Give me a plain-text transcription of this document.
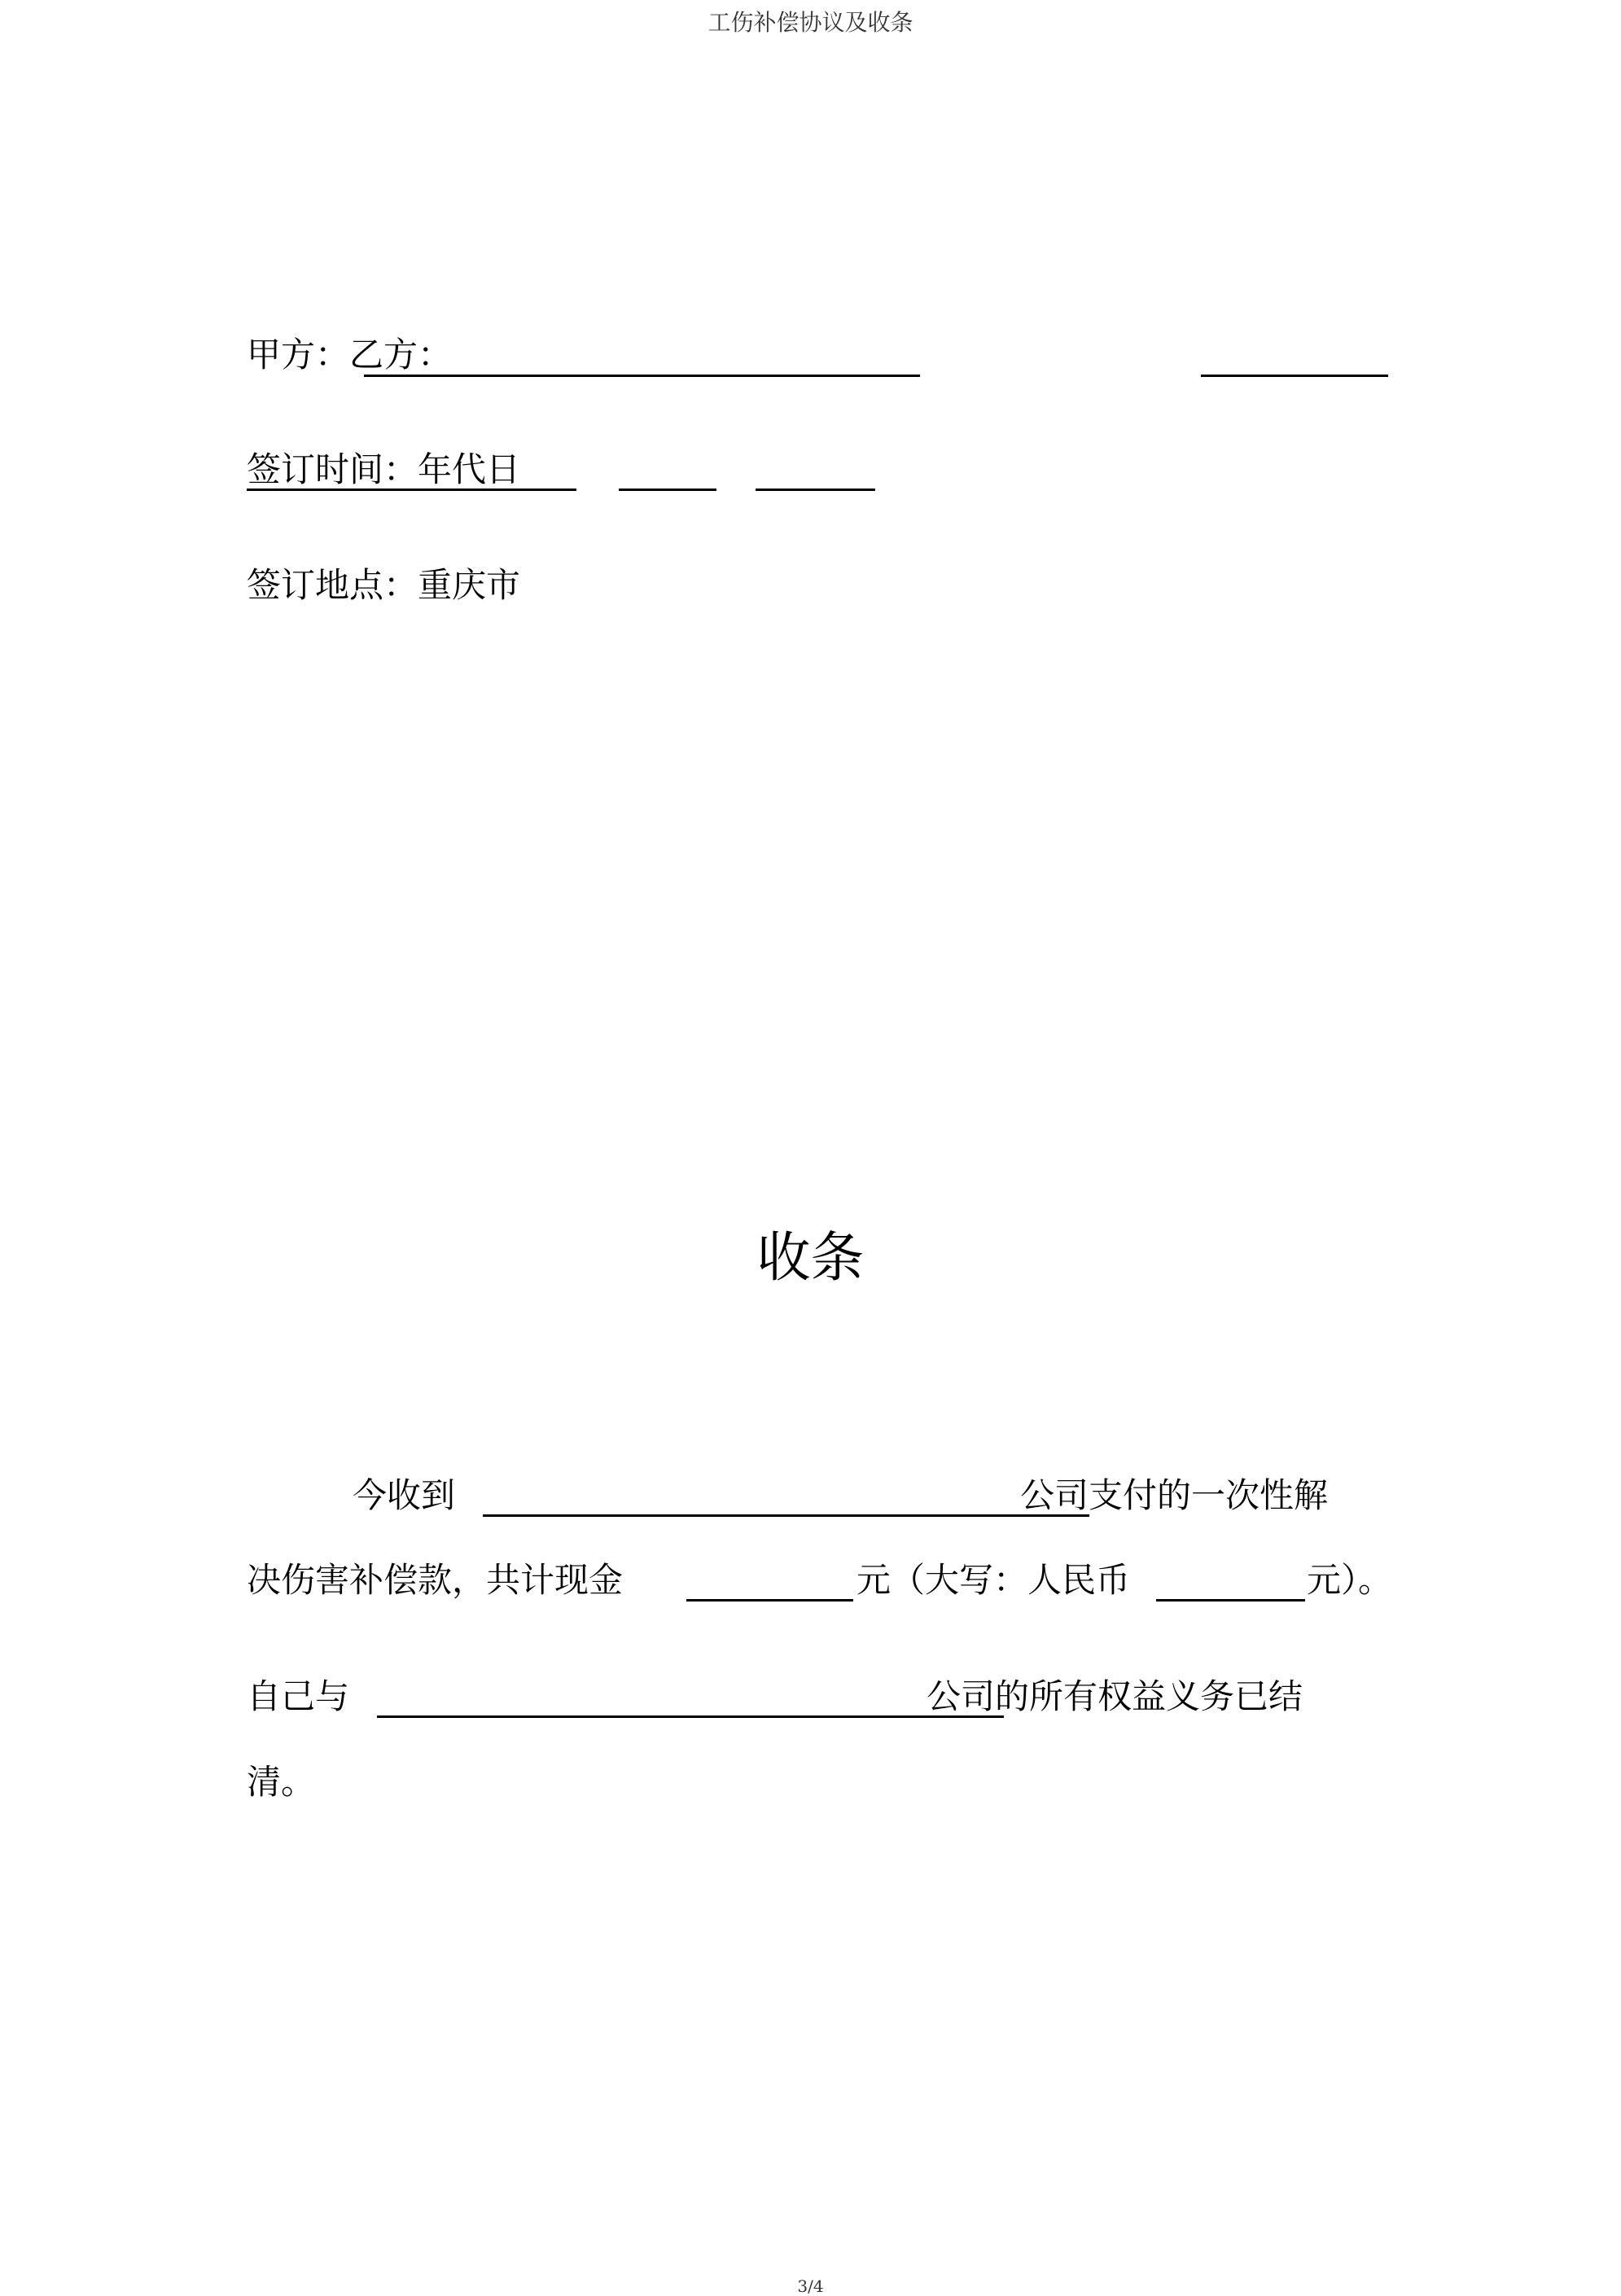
工伤补偿协议及收条
甲方：乙方：
签订时间：年代日
签订地点：重庆市
收条
今收到	公司支付的一次性解
决伤害补偿款，共计现金	元（大写：人民币	元）。
自己与	公司的所有权益义务已结
清。
3/4
